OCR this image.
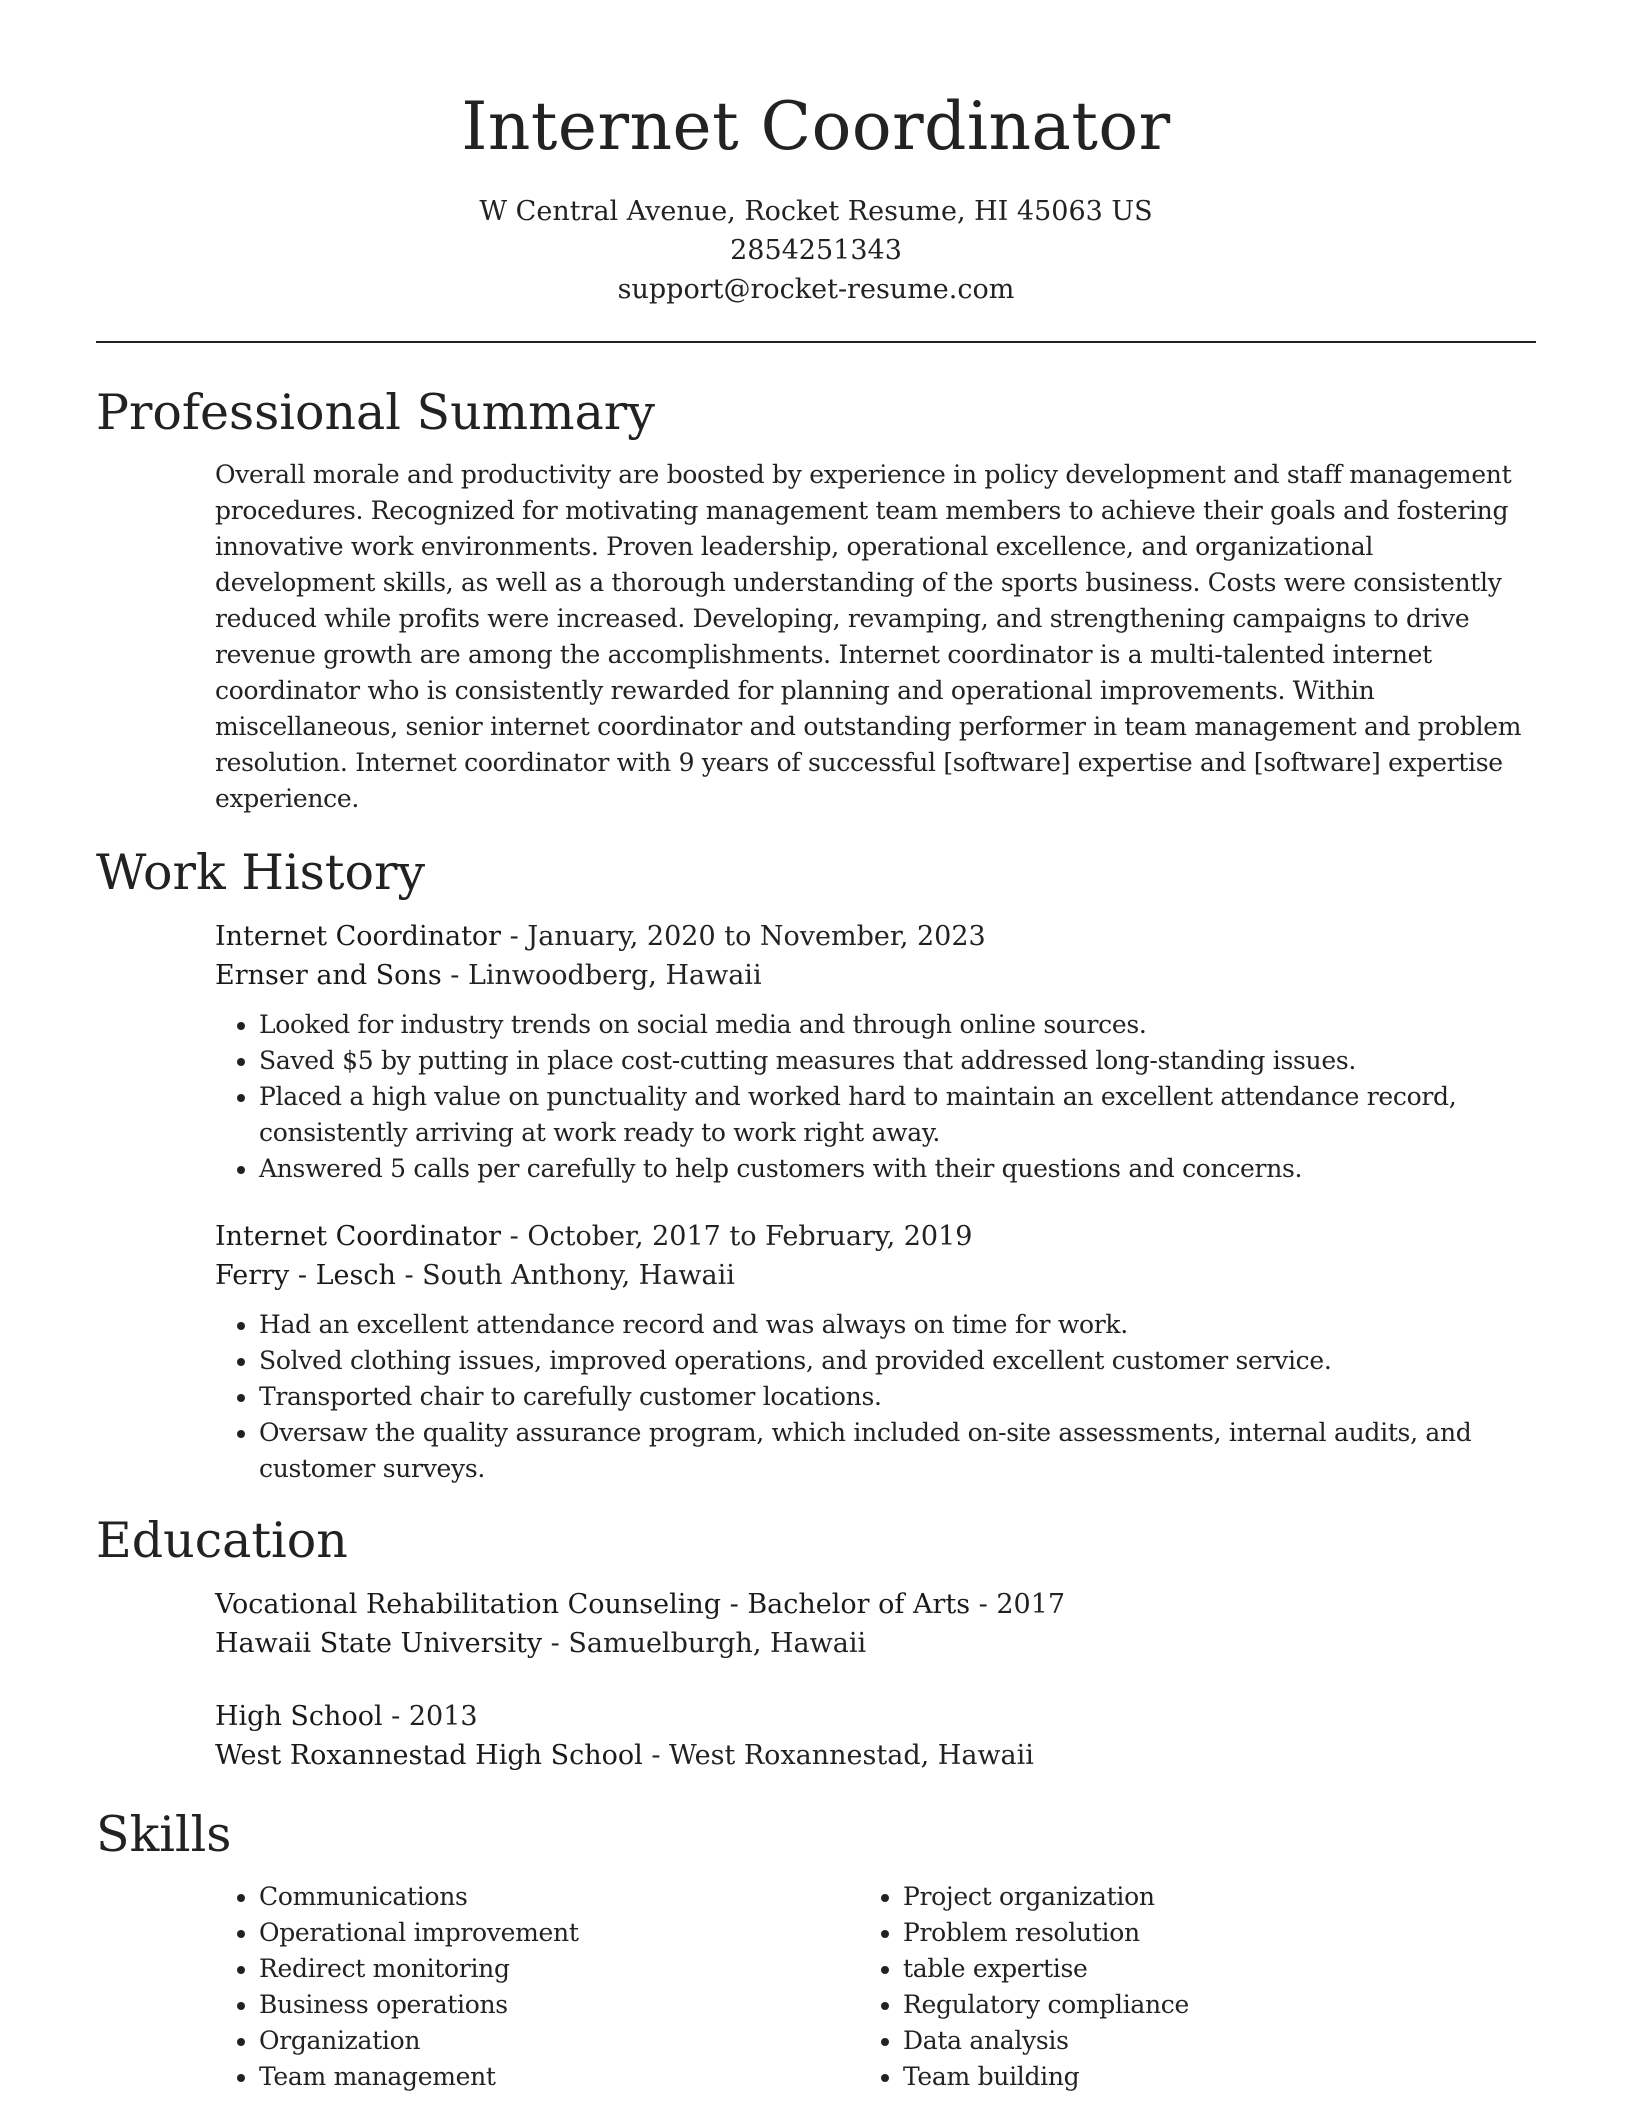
Internet Coordinator
W Central Avenue, Rocket Resume, HI 45063 US
2854251343
support@rocket-resume.com
Professional Summary

Overall morale and productivity are boosted by experience in policy development and staff management procedures. Recognized for motivating management team members to achieve their goals and fostering innovative work environments. Proven leadership, operational excellence, and organizational development skills, as well as a thorough understanding of the sports business. Costs were consistently reduced while profits were increased. Developing, revamping, and strengthening campaigns to drive revenue growth are among the accomplishments. Internet coordinator is a multi-talented internet coordinator who is consistently rewarded for planning and operational improvements. Within miscellaneous, senior internet coordinator and outstanding performer in team management and problem resolution. Internet coordinator with 9 years of successful [software] expertise and [software] expertise experience.

Work History
Internet Coordinator - January, 2020 to November, 2023
Ernser and Sons - Linwoodberg, Hawaii
• Looked for industry trends on social media and through online sources.
• Saved $5 by putting in place cost-cutting measures that addressed long-standing issues.
• Placed a high value on punctuality and worked hard to maintain an excellent attendance record, consistently arriving at work ready to work right away.
• Answered 5 calls per carefully to help customers with their questions and concerns.
Internet Coordinator - October, 2017 to February, 2019
Ferry - Lesch - South Anthony, Hawaii
• Had an excellent attendance record and was always on time for work.
• Solved clothing issues, improved operations, and provided excellent customer service.
• Transported chair to carefully customer locations.
• Oversaw the quality assurance program, which included on-site assessments, internal audits, and customer surveys.
Education
Vocational Rehabilitation Counseling - Bachelor of Arts - 2017
Hawaii State University - Samuelburgh, Hawaii
High School - 2013
West Roxannestad High School - West Roxannestad, Hawaii
Skills
• Communications
• Operational improvement
• Redirect monitoring
• Business operations
• Organization
• Team management
• Project organization
• Problem resolution
• table expertise
• Regulatory compliance
• Data analysis
• Team building
